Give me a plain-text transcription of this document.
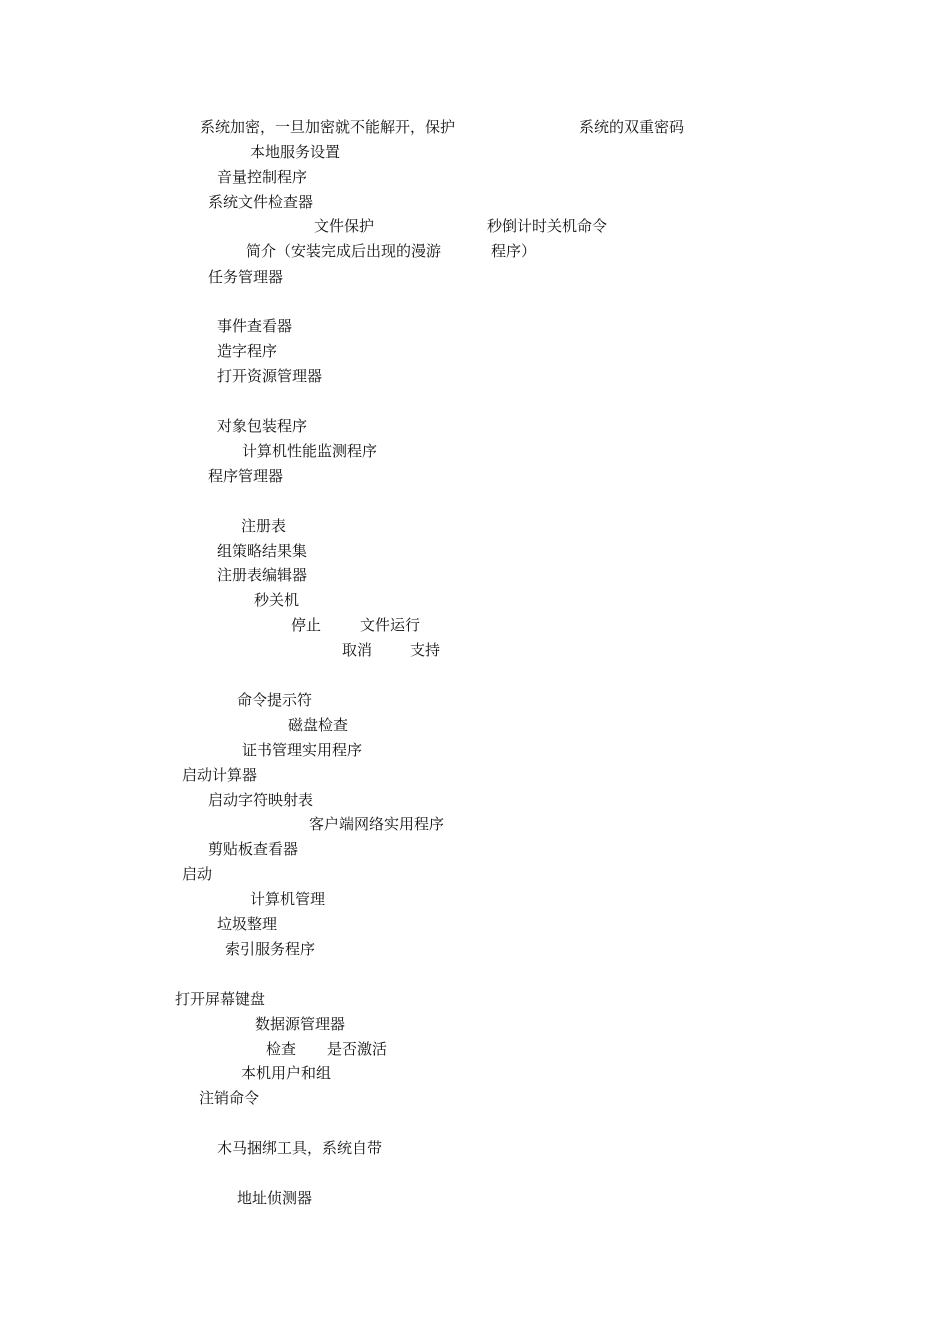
系统加密，一旦加密就不能解开，保护	系统的双重密码
本地服务设置
音量控制程序
系统文件检查器
文件保护	秒倒计时关机命令
简介（安装完成后出现的漫游	程序）
任务管理器
事件查看器
造字程序
打开资源管理器
对象包装程序
计算机性能监测程序
程序管理器
注册表
组策略结果集
注册表编辑器
秒关机
停止	文件运行
取消	支持
命令提示符
磁盘检查
证书管理实用程序
启动计算器
启动字符映射表
客户端网络实用程序
剪贴板查看器
启动
计算机管理
垃圾整理
索引服务程序
打开屏幕键盘
数据源管理器
检查 是否激活
本机用户和组
注销命令
木马捆绑工具，系统自带
地址侦测器
